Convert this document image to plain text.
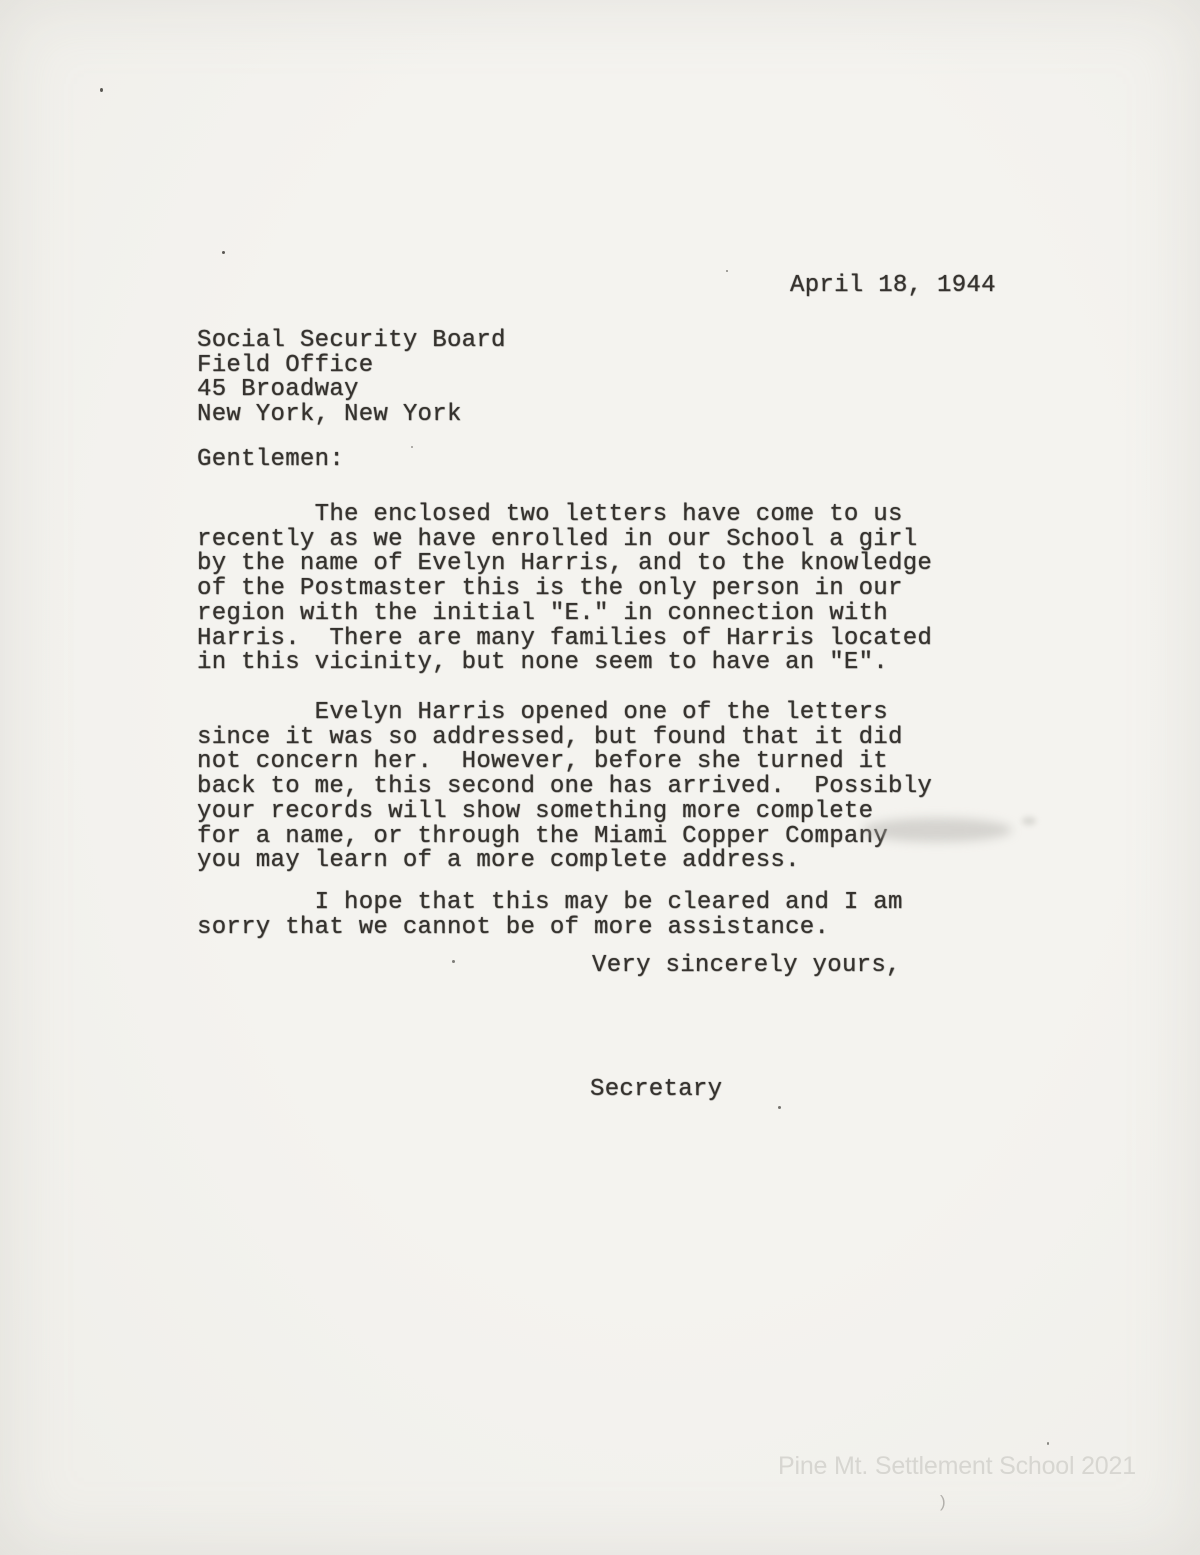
April 18, 1944
Social Security Board
Field Office
45 Broadway
New York, New York
Gentlemen:
The enclosed two letters have come to us
recently as we have enrolled in our School a girl
by the name of Evelyn Harris, and to the knowledge
of the Postmaster this is the only person in our
region with the initial "E." in connection with
Harris.  There are many families of Harris located
in this vicinity, but none seem to have an "E".
Evelyn Harris opened one of the letters
since it was so addressed, but found that it did
not concern her.  However, before she turned it
back to me, this second one has arrived.  Possibly
your records will show something more complete
for a name, or through the Miami Copper Company
you may learn of a more complete address.
I hope that this may be cleared and I am
sorry that we cannot be of more assistance.
Very sincerely yours,
Secretary
Pine Mt. Settlement School 2021
)
